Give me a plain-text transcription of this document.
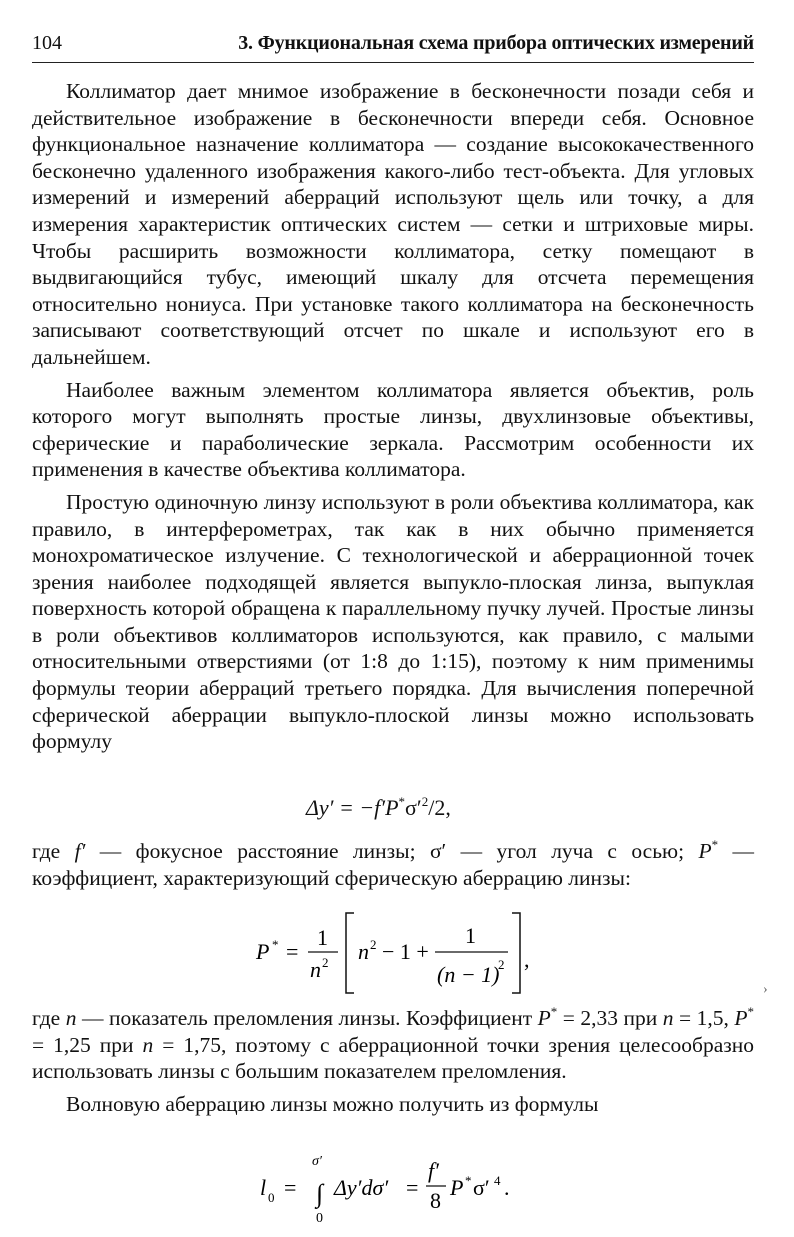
104	3. Функциональная схема прибора оптических измерений

Коллиматор дает мнимое изображение в бесконечности позади себя и действительное изображение в бесконечности впереди себя. Основное функциональное назначение коллиматора — создание высококачественного бесконечно удаленного изображения какого-либо тест-объекта. Для угловых измерений и измерений аберраций используют щель или точку, а для измерения характеристик оптических систем — сетки и штриховые миры. Чтобы расширить возможности коллиматора, сетку помещают в выдвигающийся тубус, имеющий шкалу для отсчета перемещения относительно нониуса. При установке такого коллиматора на бесконечность записывают соответствующий отсчет по шкале и используют его в дальнейшем.

Наиболее важным элементом коллиматора является объектив, роль которого могут выполнять простые линзы, двухлинзовые объективы, сферические и параболические зеркала. Рассмотрим особенности их применения в качестве объектива коллиматора.

Простую одиночную линзу используют в роли объектива коллиматора, как правило, в интерферометрах, так как в них обычно применяется монохроматическое излучение. С технологической и аберрационной точек зрения наиболее подходящей является выпукло-плоская линза, выпуклая поверхность которой обращена к параллельному пучку лучей. Простые линзы в роли объективов коллиматоров используются, как правило, с малыми относительными отверстиями (от 1:8 до 1:15), поэтому к ним применимы формулы теории аберраций третьего порядка. Для вычисления поперечной сферической аберрации выпукло-плоской линзы можно использовать формулу

$\Delta y' = -f'P^*\sigma'^2/2$,

где f′ — фокусное расстояние линзы; σ′ — угол луча с осью; P* — коэффициент, характеризующий сферическую аберрацию линзы:

P * =
1
n 2 n 2 − 1 +
1
(n − 1)
2 ,
›

где n — показатель преломления линзы. Коэффициент P* = 2,33 при n = 1,5, P* = 1,25 при n = 1,75, поэтому с аберрационной точки зрения целесообразно использовать линзы с большим показателем преломления.

Волновую аберрацию линзы можно получить из формулы

l 0 =
σ′
∫
0
Δy′dσ′ =
f′
8
P * σ′ 4 .
